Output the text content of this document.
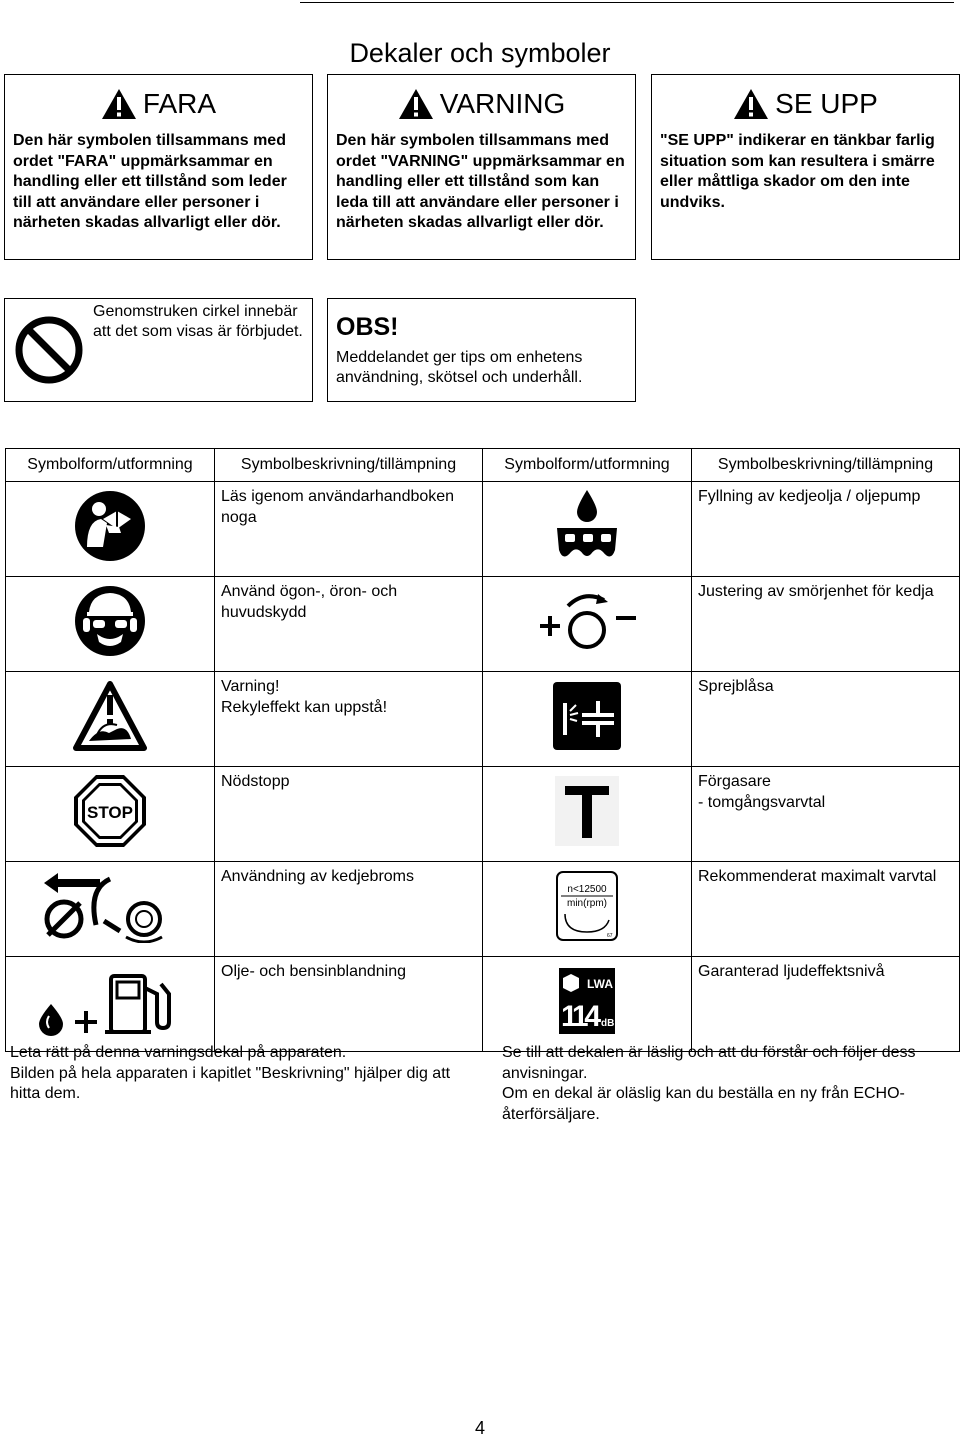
Dekaler och symboler
FARA
Den här symbolen tillsammans med ordet "FARA" uppmärksammar en handling eller ett tillstånd som leder till att användare eller personer i närheten skadas allvarligt eller dör.
VARNING
Den här symbolen tillsammans med ordet "VARNING" uppmärksammar en handling eller ett tillstånd som kan leda till att användare eller personer i närheten skadas allvarligt eller dör.
SE UPP
"SE UPP" indikerar en tänkbar farlig situation som kan resultera i smärre eller måttliga skador om den inte undviks.
Genomstruken cirkel innebär att det som visas är förbjudet.	OBS!
Meddelandet ger tips om enhetens användning, skötsel och underhåll.
Symbolform/utformning	Symbolbeskrivning/tillämpning	Symbolform/utformning	Symbolbeskrivning/tillämpning
	Läs igenom användarhandboken noga		Fyllning av kedjeolja / oljepump
	Använd ögon-, öron- och huvudskydd		Justering av smörjenhet för kedja
	Varning!
Rekyleffekt kan uppstå!		Sprejblåsa

STOP	Nödstopp		Förgasare
- tomgångsvarvtal
	Användning av kedjebroms	n<12500
min(rpm)
67	Rekommenderat maximalt varvtal
	Olje- och bensinblandning	LWA
114 dB	Garanterad ljudeffektsnivå
Leta rätt på denna varningsdekal på apparaten.
Bilden på hela apparaten i kapitlet "Beskrivning" hjälper dig att hitta dem.
Se till att dekalen är läslig och att du förstår och följer dess anvisningar.
Om en dekal är oläslig kan du beställa en ny från ECHO-återförsäljare.
4
